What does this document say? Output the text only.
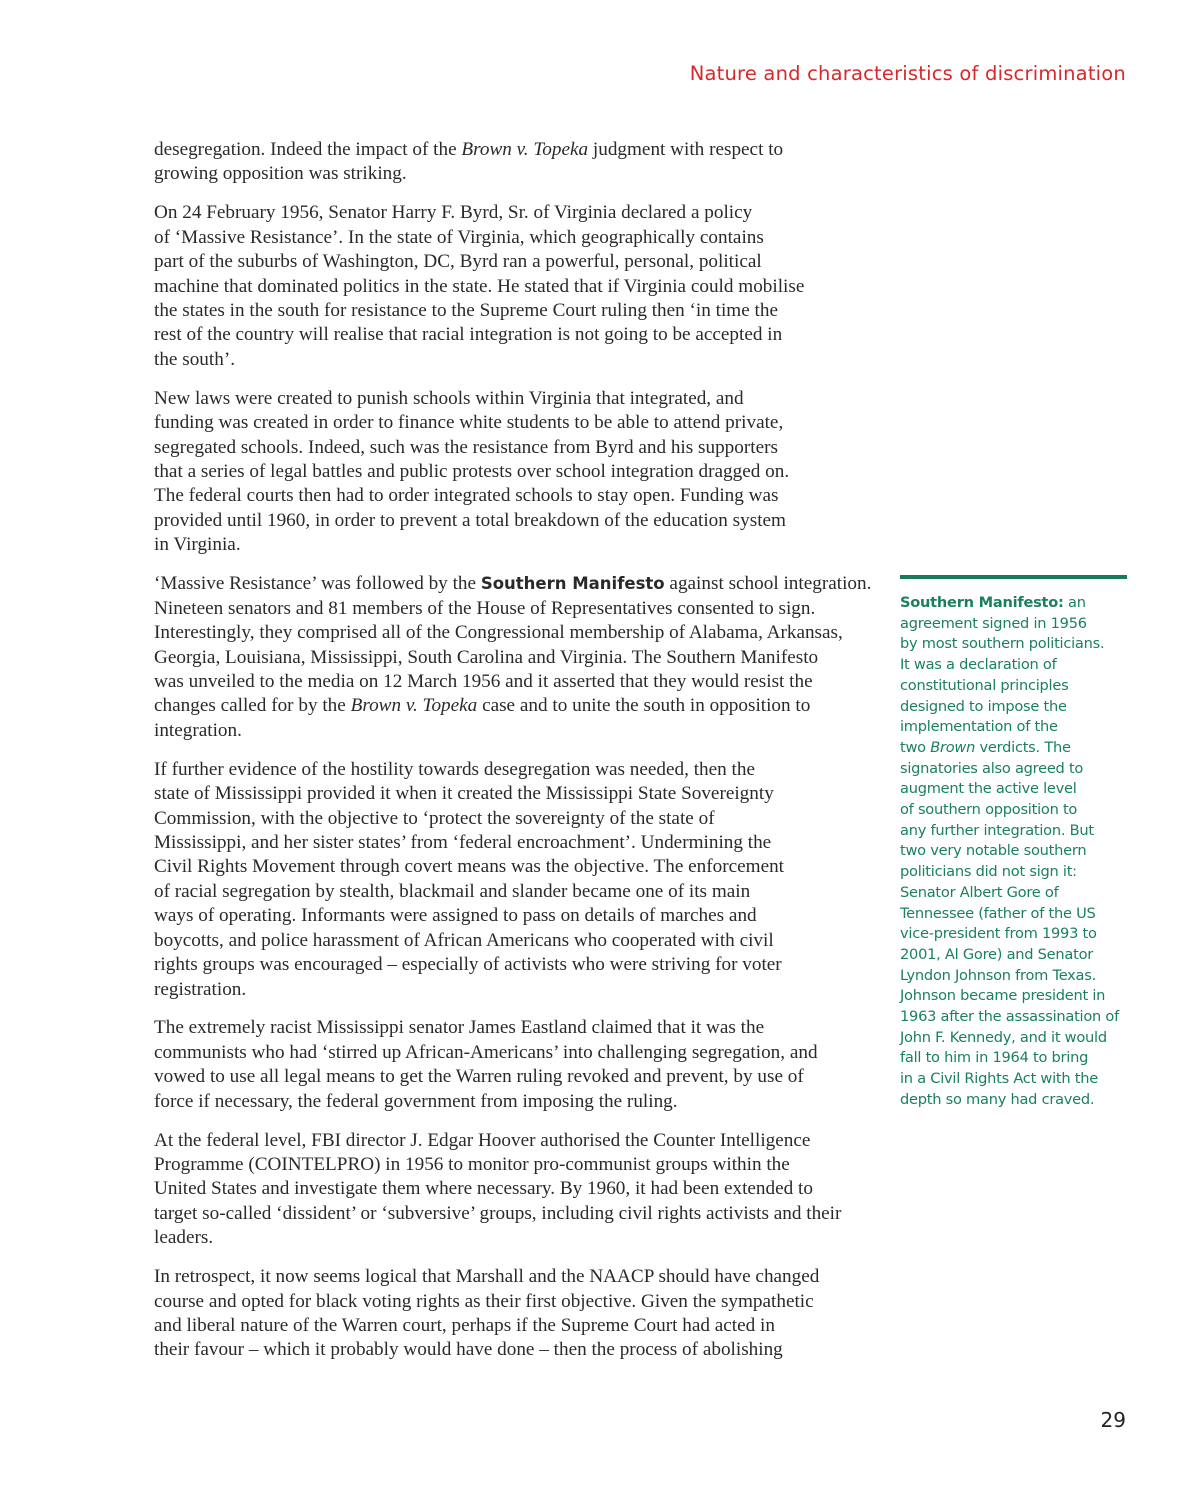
Nature and characteristics of discrimination

desegregation. Indeed the impact of the Brown v. Topeka judgment with respect to
growing opposition was striking.

On 24 February 1956, Senator Harry F. Byrd, Sr. of Virginia declared a policy
of ‘Massive Resistance’. In the state of Virginia, which geographically contains
part of the suburbs of Washington, DC, Byrd ran a powerful, personal, political
machine that dominated politics in the state. He stated that if Virginia could mobilise
the states in the south for resistance to the Supreme Court ruling then ‘in time the
rest of the country will realise that racial integration is not going to be accepted in
the south’.

New laws were created to punish schools within Virginia that integrated, and
funding was created in order to finance white students to be able to attend private,
segregated schools. Indeed, such was the resistance from Byrd and his supporters
that a series of legal battles and public protests over school integration dragged on.
The federal courts then had to order integrated schools to stay open. Funding was
provided until 1960, in order to prevent a total breakdown of the education system
in Virginia.

‘Massive Resistance’ was followed by the Southern Manifesto against school integration.
Nineteen senators and 81 members of the House of Representatives consented to sign.
Interestingly, they comprised all of the Congressional membership of Alabama, Arkansas,
Georgia, Louisiana, Mississippi, South Carolina and Virginia. The Southern Manifesto
was unveiled to the media on 12 March 1956 and it asserted that they would resist the
changes called for by the Brown v. Topeka case and to unite the south in opposition to
integration.

If further evidence of the hostility towards desegregation was needed, then the
state of Mississippi provided it when it created the Mississippi State Sovereignty
Commission, with the objective to ‘protect the sovereignty of the state of
Mississippi, and her sister states’ from ‘federal encroachment’. Undermining the
Civil Rights Movement through covert means was the objective. The enforcement
of racial segregation by stealth, blackmail and slander became one of its main
ways of operating. Informants were assigned to pass on details of marches and
boycotts, and police harassment of African Americans who cooperated with civil
rights groups was encouraged – especially of activists who were striving for voter
registration.

The extremely racist Mississippi senator James Eastland claimed that it was the
communists who had ‘stirred up African-Americans’ into challenging segregation, and
vowed to use all legal means to get the Warren ruling revoked and prevent, by use of
force if necessary, the federal government from imposing the ruling.

At the federal level, FBI director J. Edgar Hoover authorised the Counter Intelligence
Programme (COINTELPRO) in 1956 to monitor pro-communist groups within the
United States and investigate them where necessary. By 1960, it had been extended to
target so-called ‘dissident’ or ‘subversive’ groups, including civil rights activists and their
leaders.

In retrospect, it now seems logical that Marshall and the NAACP should have changed
course and opted for black voting rights as their first objective. Given the sympathetic
and liberal nature of the Warren court, perhaps if the Supreme Court had acted in
their favour – which it probably would have done – then the process of abolishing

Southern Manifesto: an
agreement signed in 1956
by most southern politicians.
It was a declaration of
constitutional principles
designed to impose the
implementation of the
two Brown verdicts. The
signatories also agreed to
augment the active level
of southern opposition to
any further integration. But
two very notable southern
politicians did not sign it:
Senator Albert Gore of
Tennessee (father of the US
vice-president from 1993 to
2001, Al Gore) and Senator
Lyndon Johnson from Texas.
Johnson became president in
1963 after the assassination of
John F. Kennedy, and it would
fall to him in 1964 to bring
in a Civil Rights Act with the
depth so many had craved.
29
